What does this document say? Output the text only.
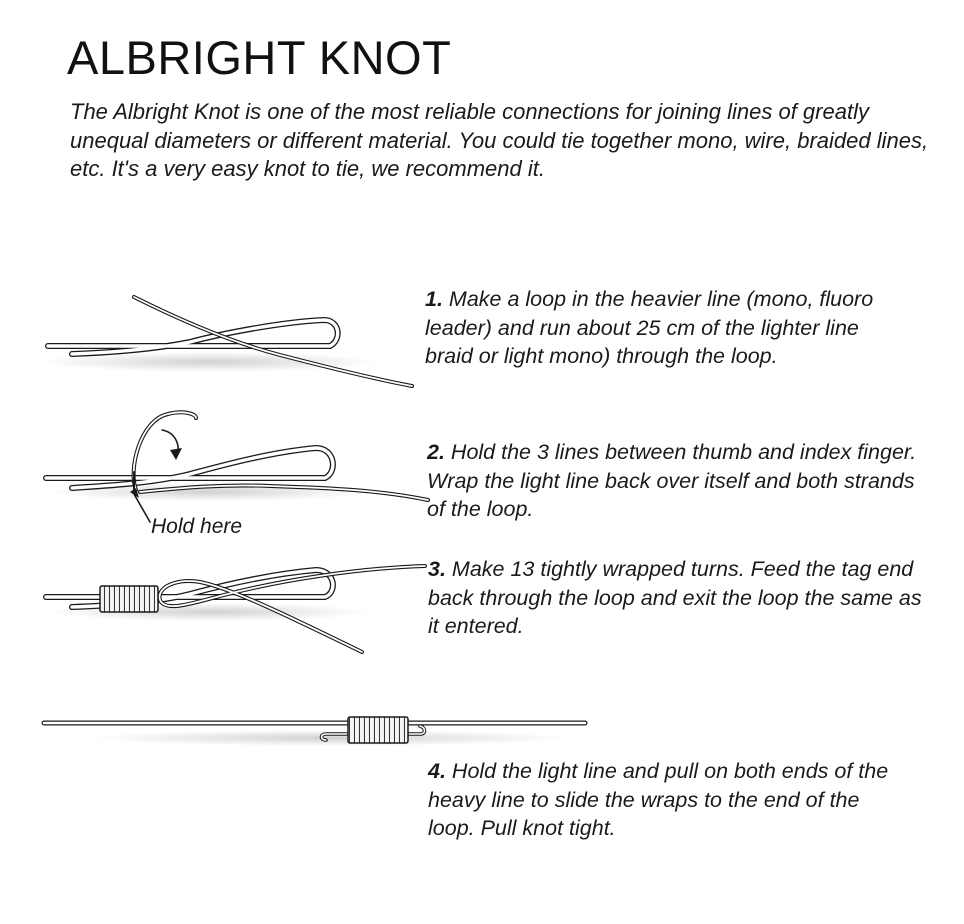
ALBRIGHT KNOT

The Albright Knot is one of the most reliable connections for joining lines of greatly unequal diameters or different material. You could tie together mono, wire, braided lines, etc. It's a very easy knot to tie, we recommend it.

1. Make a loop in the heavier line (mono, fluoro leader) and run about 25 cm of the lighter line braid or light mono) through the loop.

2. Hold the 3 lines between thumb and index finger. Wrap the light line back over itself and both strands of the loop.

3. Make 13 tightly wrapped turns. Feed the tag end back through the loop and exit the loop the same as it entered.

4. Hold the light line and pull on both ends of the heavy line to slide the wraps to the end of the loop. Pull knot tight.

Hold here
